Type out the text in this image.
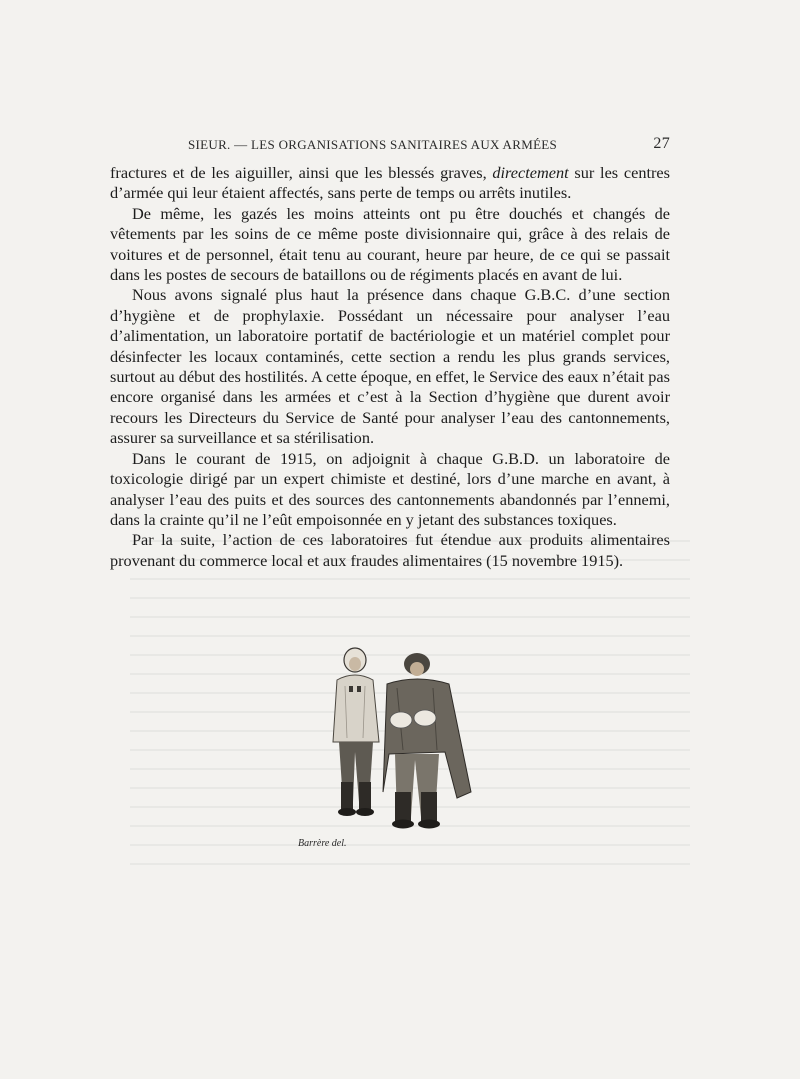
SIEUR. — LES ORGANISATIONS SANITAIRES AUX ARMÉES	27

fractures et de les aiguiller, ainsi que les blessés graves, directement sur les centres d’armée qui leur étaient affectés, sans perte de temps ou arrêts inutiles.

De même, les gazés les moins atteints ont pu être douchés et changés de vêtements par les soins de ce même poste divisionnaire qui, grâce à des relais de voitures et de personnel, était tenu au courant, heure par heure, de ce qui se passait dans les postes de secours de bataillons ou de régiments placés en avant de lui.

Nous avons signalé plus haut la présence dans chaque G.B.C. d’une section d’hygiène et de prophylaxie. Possédant un nécessaire pour analyser l’eau d’alimentation, un laboratoire portatif de bactériologie et un matériel complet pour désinfecter les locaux contaminés, cette section a rendu les plus grands services, surtout au début des hostilités. A cette époque, en effet, le Service des eaux n’était pas encore organisé dans les armées et c’est à la Section d’hygiène que durent avoir recours les Directeurs du Service de Santé pour analyser l’eau des cantonnements, assurer sa surveillance et sa stérilisation.

Dans le courant de 1915, on adjoignit à chaque G.B.D. un laboratoire de toxicologie dirigé par un expert chimiste et destiné, lors d’une marche en avant, à analyser l’eau des puits et des sources des cantonnements abandonnés par l’ennemi, dans la crainte qu’il ne l’eût empoisonnée en y jetant des substances toxiques.

Par la suite, l’action de ces laboratoires fut étendue aux produits alimentaires provenant du commerce local et aux fraudes alimentaires (15 novembre 1915).

Barrère del.
